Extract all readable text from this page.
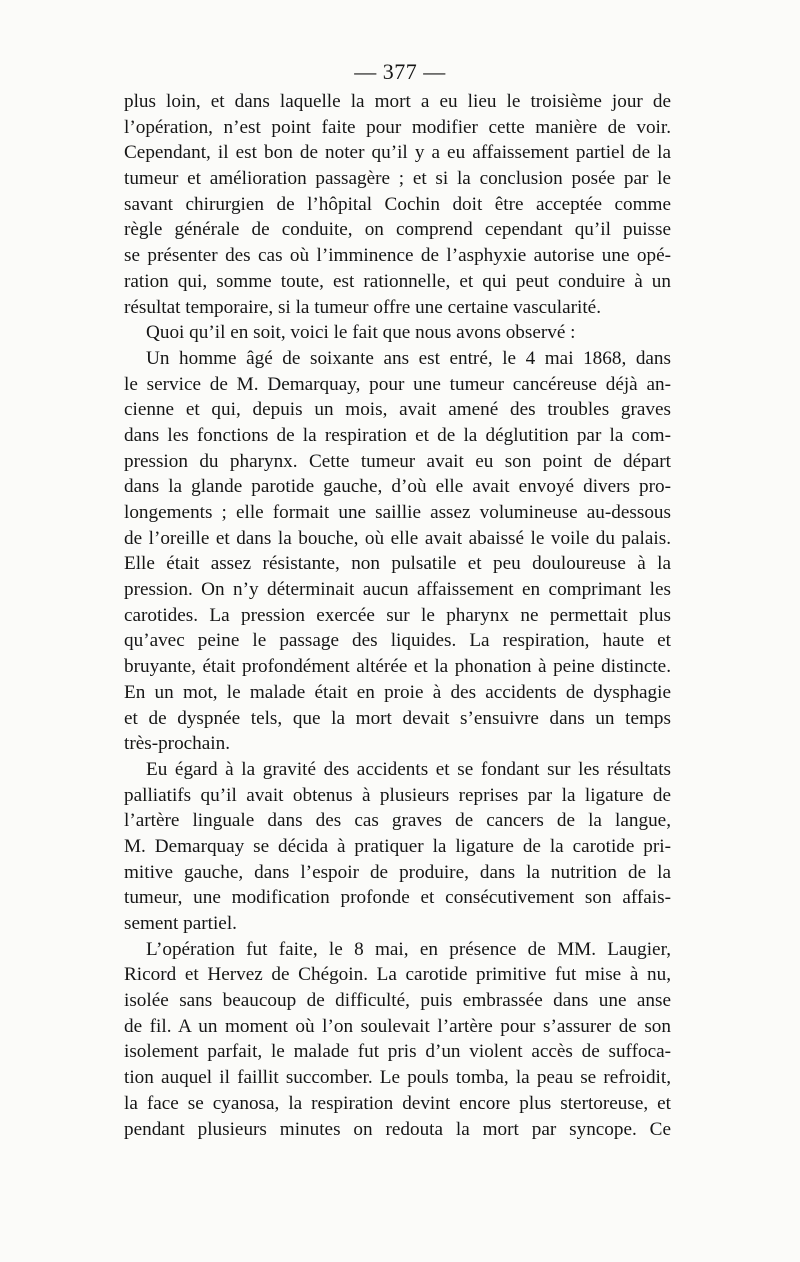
— 377 —
plus loin, et dans laquelle la mort a eu lieu le troisième jour de
l’opération, n’est point faite pour modifier cette manière de voir.
Cependant, il est bon de noter qu’il y a eu affaissement partiel de la
tumeur et amélioration passagère ; et si la conclusion posée par le
savant chirurgien de l’hôpital Cochin doit être acceptée comme
règle générale de conduite, on comprend cependant qu’il puisse
se présenter des cas où l’imminence de l’asphyxie autorise une opé-
ration qui, somme toute, est rationnelle, et qui peut conduire à un
résultat temporaire, si la tumeur offre une certaine vascularité.
Quoi qu’il en soit, voici le fait que nous avons observé :
Un homme âgé de soixante ans est entré, le 4 mai 1868, dans
le service de M. Demarquay, pour une tumeur cancéreuse déjà an-
cienne et qui, depuis un mois, avait amené des troubles graves
dans les fonctions de la respiration et de la déglutition par la com-
pression du pharynx. Cette tumeur avait eu son point de départ
dans la glande parotide gauche, d’où elle avait envoyé divers pro-
longements ; elle formait une saillie assez volumineuse au-dessous
de l’oreille et dans la bouche, où elle avait abaissé le voile du palais.
Elle était assez résistante, non pulsatile et peu douloureuse à la
pression. On n’y déterminait aucun affaissement en comprimant les
carotides. La pression exercée sur le pharynx ne permettait plus
qu’avec peine le passage des liquides. La respiration, haute et
bruyante, était profondément altérée et la phonation à peine distincte.
En un mot, le malade était en proie à des accidents de dysphagie
et de dyspnée tels, que la mort devait s’ensuivre dans un temps
très-prochain.
Eu égard à la gravité des accidents et se fondant sur les résultats
palliatifs qu’il avait obtenus à plusieurs reprises par la ligature de
l’artère linguale dans des cas graves de cancers de la langue,
M. Demarquay se décida à pratiquer la ligature de la carotide pri-
mitive gauche, dans l’espoir de produire, dans la nutrition de la
tumeur, une modification profonde et consécutivement son affais-
sement partiel.
L’opération fut faite, le 8 mai, en présence de MM. Laugier,
Ricord et Hervez de Chégoin. La carotide primitive fut mise à nu,
isolée sans beaucoup de difficulté, puis embrassée dans une anse
de fil. A un moment où l’on soulevait l’artère pour s’assurer de son
isolement parfait, le malade fut pris d’un violent accès de suffoca-
tion auquel il faillit succomber. Le pouls tomba, la peau se refroidit,
la face se cyanosa, la respiration devint encore plus stertoreuse, et
pendant plusieurs minutes on redouta la mort par syncope. Ce
